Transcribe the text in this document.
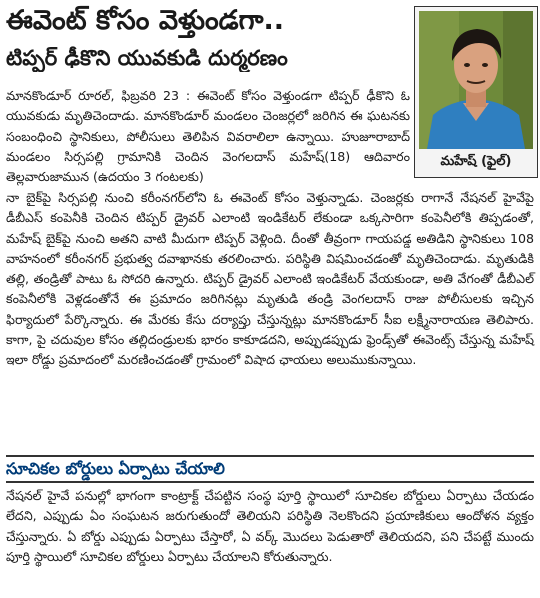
ఈవెంట్ కోసం వెళ్తుండగా..
టిప్పర్ ఢీకొని యువకుడి దుర్మరణం
మహేష్ (ఫైల్)

మానకొండూర్ రూరల్, ఫిబ్రవరి 23 : ఈవెంట్ కోసం వెళ్తుండగా టిప్పర్ ఢీకొని ఓ యువకుడు మృతిచెందాడు. మానకొండూర్ మండలం చెంజర్లలో జరిగిన ఈ ఘటనకు సంబంధించి స్థానికులు, పోలీసులు తెలిపిన వివరాలిలా ఉన్నాయి. హుజూరాబాద్ మండలం సిర్సపల్లి గ్రామానికి చెందిన వెంగలదాస్ మహేష్(18) ఆదివారం తెల్లవారుజామున (ఉదయం 3 గంటలకు)

నా బైక్‌పై సిర్సపల్లి నుంచి కరీంనగర్‌లోని ఓ ఈవెంట్ కోసం వెళ్తున్నాడు. చెంజర్లకు రాగానే నేషనల్ హైవేపై డీబీఎస్ కంపెనీకి చెందిన టిప్పర్ డ్రైవర్ ఎలాంటి ఇండికేటర్ లేకుండా ఒక్కసారిగా కంపెనీలోకి తిప్పడంతో, మహేష్ బైక్‌పై నుంచి అతని వాటి మీదుగా టిప్పర్ వెళ్లింది. దీంతో తీవ్రంగా గాయపడ్డ అతిడిని స్థానికులు 108 వాహనంలో కరీంనగర్ ప్రభుత్వ దవాఖానకు తరలించారు. పరిస్థితి విషమించడంతో మృతిచెందాడు. మృతుడికి తల్లి, తండ్రితో పాటు ఓ సోదరి ఉన్నారు. టిప్పర్ డ్రైవర్ ఎలాంటి ఇండికేటర్ వేయకుండా, అతి వేగంతో డీబీఎల్ కంపెనీలోకి వెళ్లడంతోనే ఈ ప్రమాదం జరిగినట్లు మృతుడి తండ్రి వెంగలదాస్ రాజు పోలీసులకు ఇచ్చిన ఫిర్యాదులో పేర్కొన్నారు. ఈ మేరకు కేసు దర్యాప్తు చేస్తున్నట్లు మానకొండూర్ సీఐ లక్ష్మీనారాయణ తెలిపారు. కాగా, పై చదువుల కోసం తల్లిదండ్రులకు భారం కాకూడదని, అప్పుడప్పుడు ఫ్రెండ్స్‌తో ఈవెంట్స్ చేస్తున్న మహేష్ ఇలా రోడ్డు ప్రమాదంలో మరణించడంతో గ్రామంలో విషాద ఛాయలు అలుముకున్నాయి.

సూచికల బోర్డులు ఏర్పాటు చేయాలి

నేషనల్ హైవే పనుల్లో భాగంగా కాంట్రాక్ట్ చేపట్టిన సంస్థ పూర్తి స్థాయిలో సూచికల బోర్డులు ఏర్పాటు చేయడం లేదని, ఎప్పుడు ఏం సంఘటన జరుగుతుందో తెలియని పరిస్థితి నెలకొందని ప్రయాణికులు ఆందోళన వ్యక్తం చేస్తున్నారు. ఏ బోర్డు ఎప్పుడు ఏర్పాటు చేస్తారో, ఏ వర్క్ మొదలు పెడుతారో తెలియదని, పని చేపట్టే ముందు పూర్తి స్థాయిలో సూచికల బోర్డులు ఏర్పాటు చేయాలని కోరుతున్నారు.
